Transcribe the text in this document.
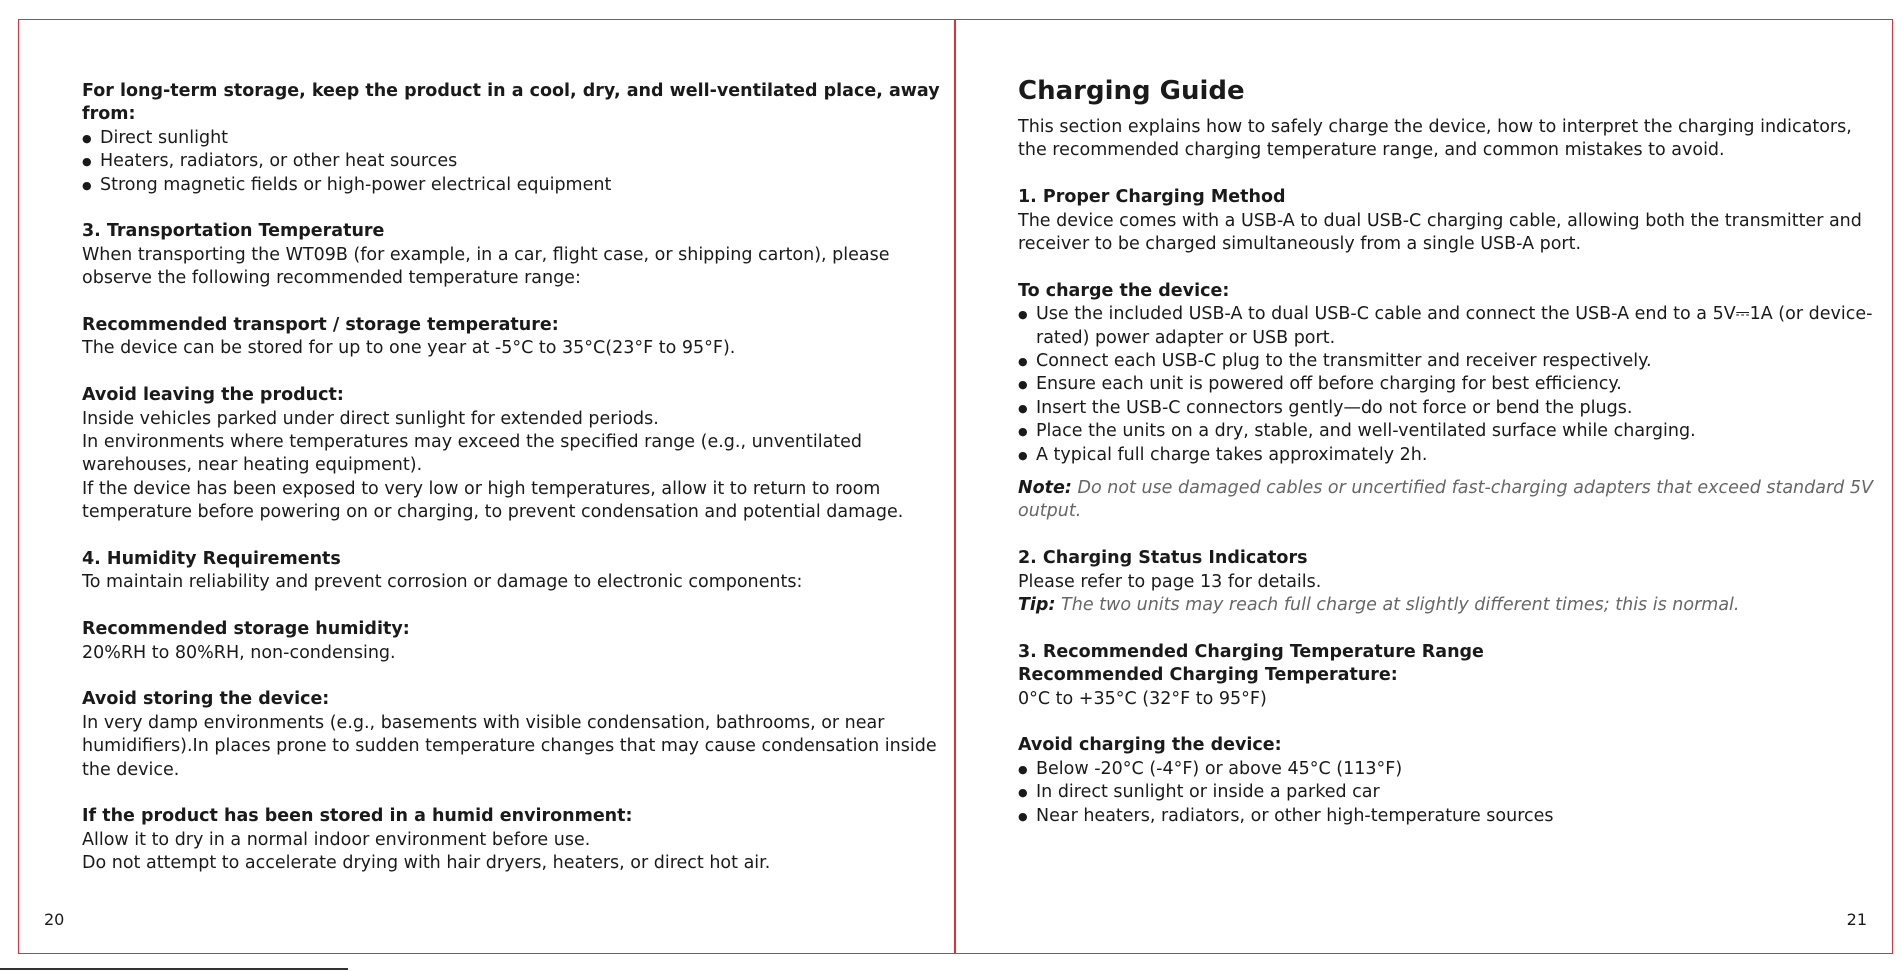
For long-term storage, keep the product in a cool, dry, and well-ventilated place, away from:

● Direct sunlight
● Heaters, radiators, or other heat sources
● Strong magnetic fields or high-power electrical equipment

3. Transportation Temperature

When transporting the WT09B (for example, in a car, flight case, or shipping carton), please observe the following recommended temperature range:

Recommended transport / storage temperature:

The device can be stored for up to one year at -5°C to 35°C(23°F to 95°F).

Avoid leaving the product:

Inside vehicles parked under direct sunlight for extended periods.

In environments where temperatures may exceed the specified range (e.g., unventilated warehouses, near heating equipment).

If the device has been exposed to very low or high temperatures, allow it to return to room temperature before powering on or charging, to prevent condensation and potential damage.

4. Humidity Requirements

To maintain reliability and prevent corrosion or damage to electronic components:

Recommended storage humidity:

20%RH to 80%RH, non-condensing.

Avoid storing the device:

In very damp environments (e.g., basements with visible condensation, bathrooms, or near humidifiers).In places prone to sudden temperature changes that may cause condensation inside the device.

If the product has been stored in a humid environment:

Allow it to dry in a normal indoor environment before use.

Do not attempt to accelerate drying with hair dryers, heaters, or direct hot air.

20

Charging Guide

This section explains how to safely charge the device, how to interpret the charging indicators, the recommended charging temperature range, and common mistakes to avoid.

1. Proper Charging Method

The device comes with a USB-A to dual USB-C charging cable, allowing both the transmitter and receiver to be charged simultaneously from a single USB-A port.

To charge the device:

● Use the included USB-A to dual USB-C cable and connect the USB-A end to a 5V⎓1A (or device-rated) power adapter or USB port.
● Connect each USB-C plug to the transmitter and receiver respectively.
● Ensure each unit is powered off before charging for best efficiency.
● Insert the USB-C connectors gently—do not force or bend the plugs.
● Place the units on a dry, stable, and well-ventilated surface while charging.
● A typical full charge takes approximately 2h.

Note: Do not use damaged cables or uncertified fast-charging adapters that exceed standard 5V output.

2. Charging Status Indicators

Please refer to page 13 for details.

Tip: The two units may reach full charge at slightly different times; this is normal.

3. Recommended Charging Temperature Range

Recommended Charging Temperature:

0°C to +35°C (32°F to 95°F)

Avoid charging the device:

● Below -20°C (-4°F) or above 45°C (113°F)
● In direct sunlight or inside a parked car
● Near heaters, radiators, or other high-temperature sources
21
